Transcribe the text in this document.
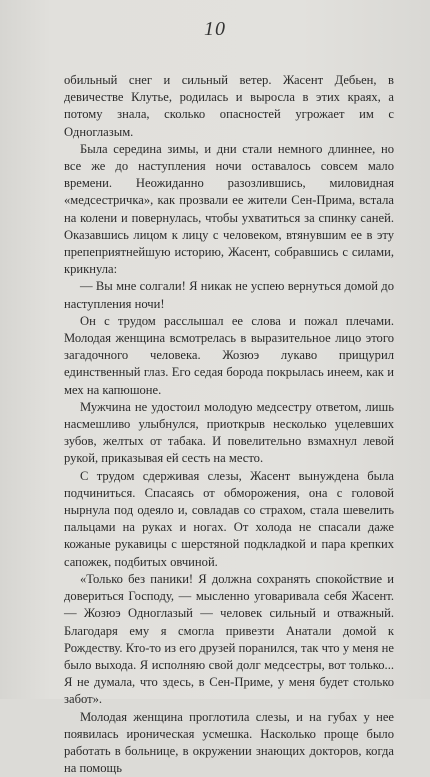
10

обильный снег и сильный ветер. Жасент Дебьен, в девичестве Клутье, родилась и выросла в этих краях, а потому знала, сколько опасностей угрожает им с Одноглазым.

Была середина зимы, и дни стали немного длиннее, но все же до наступления ночи оставалось совсем мало времени. Неожиданно разозлившись, миловидная «медсестричка», как прозвали ее жители Сен-Прима, встала на колени и повернулась, чтобы ухватиться за спинку саней. Оказавшись лицом к лицу с человеком, втянувшим ее в эту препеприятнейшую историю, Жасент, собравшись с силами, крикнула:

— Вы мне солгали! Я никак не успею вернуться домой до наступления ночи!

Он с трудом расслышал ее слова и пожал плечами. Молодая женщина всмотрелась в выразительное лицо этого загадочного человека. Жозюэ лукаво прищурил единственный глаз. Его седая борода покрылась инеем, как и мех на капюшоне.

Мужчина не удостоил молодую медсестру ответом, лишь насмешливо улыбнулся, приоткрыв несколько уцелевших зубов, желтых от табака. И повелительно взмахнул левой рукой, приказывая ей сесть на место.

С трудом сдерживая слезы, Жасент вынуждена была подчиниться. Спасаясь от обморожения, она с головой нырнула под одеяло и, совладав со страхом, стала шевелить пальцами на руках и ногах. От холода не спасали даже кожаные рукавицы с шерстяной подкладкой и пара крепких сапожек, подбитых овчиной.

«Только без паники! Я должна сохранять спокойствие и довериться Господу, — мысленно уговаривала себя Жасент. — Жозюэ Одноглазый — человек сильный и отважный. Благодаря ему я смогла привезти Анатали домой к Рождеству. Кто-то из его друзей поранился, так что у меня не было выхода. Я исполняю свой долг медсестры, вот только... Я не думала, что здесь, в Сен-Приме, у меня будет столько забот».

Молодая женщина проглотила слезы, и на губах у нее появилась ироническая усмешка. Насколько проще было работать в больнице, в окружении знающих докторов, когда на помощь
